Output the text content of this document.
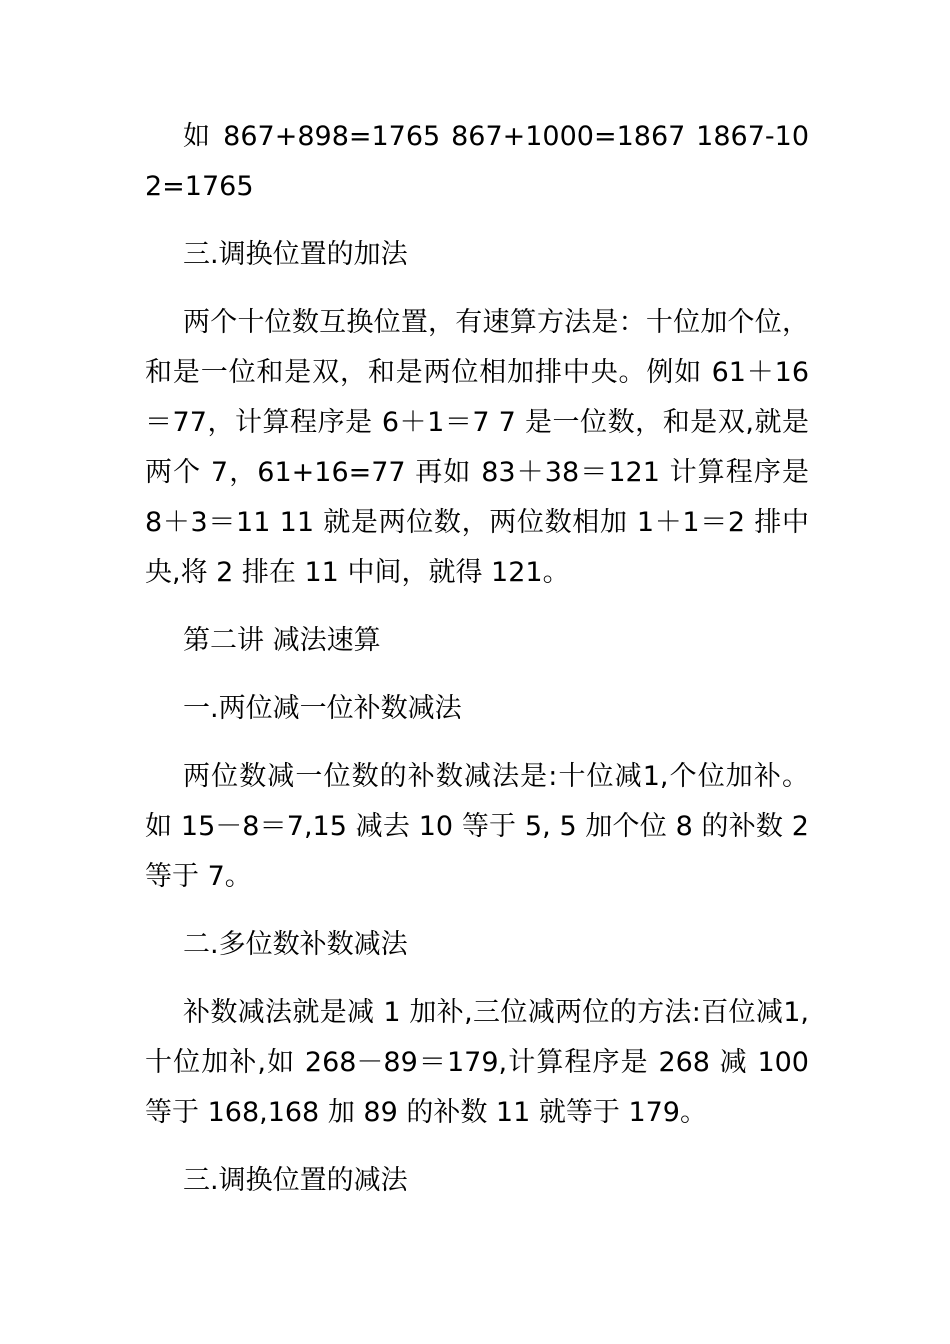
如 867+898=1765 867+1000=1867 1867-102=1765

三.调换位置的加法

两个十位数互换位置，有速算方法是：十位加个位，和是一位和是双，和是两位相加排中央。例如 61＋16＝77，计算程序是 6＋1＝7 7 是一位数，和是双,就是两个 7，61+16=77 再如 83＋38＝121 计算程序是 8＋3＝11 11 就是两位数，两位数相加 1＋1＝2 排中央,将 2 排在 11 中间，就得 121。

第二讲 减法速算

一.两位减一位补数减法

两位数减一位数的补数减法是:十位减1,个位加补。如 15－8＝7,15 减去 10 等于 5, 5 加个位 8 的补数 2 等于 7。

二.多位数补数减法

补数减法就是减 1 加补,三位减两位的方法:百位减1,十位加补,如 268－89＝179,计算程序是 268 减 100 等于 168,168 加 89 的补数 11 就等于 179。

三.调换位置的减法
